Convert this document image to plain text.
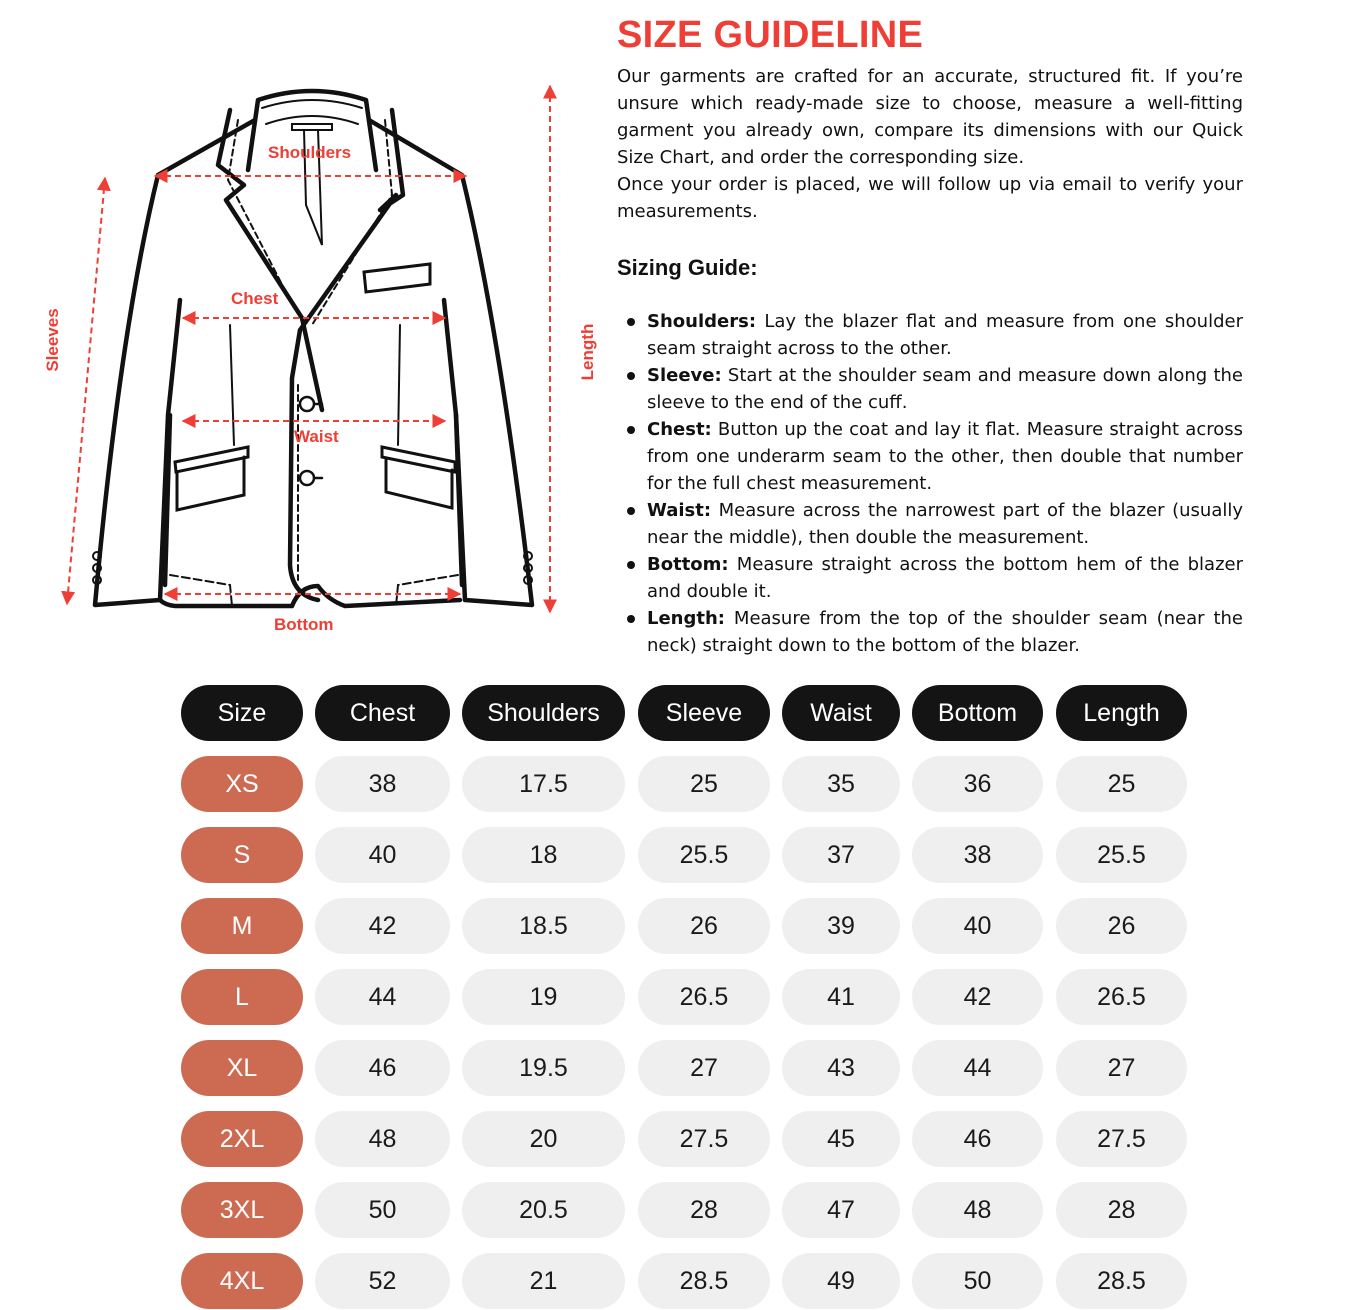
Shoulders
Chest
Waist
Bottom
Sleeves	Length
SIZE GUIDELINE

Our garments are crafted for an accurate, structured fit. If you’re unsure which ready-made size to choose, measure a well-fitting garment you already own, compare its dimensions with our Quick Size Chart, and order the corresponding size.

Once your order is placed, we will follow up via email to verify your measurements.

Sizing Guide:
Shoulders: Lay the blazer flat and measure from one shoulder seam straight across to the other.
Sleeve: Start at the shoulder seam and measure down along the sleeve to the end of the cuff.
Chest: Button up the coat and lay it flat. Measure straight across from one underarm seam to the other, then double that number for the full chest measurement.
Waist: Measure across the narrowest part of the blazer (usually near the middle), then double the measurement.
Bottom: Measure straight across the bottom hem of the blazer and double it.
Length: Measure from the top of the shoulder seam (near the neck) straight down to the bottom of the blazer.
Size	Chest	Shoulders	Sleeve	Waist	Bottom	Length
XS	38	17.5	25	35	36	25
S	40	18	25.5	37	38	25.5
M	42	18.5	26	39	40	26
L	44	19	26.5	41	42	26.5
XL	46	19.5	27	43	44	27
2XL	48	20	27.5	45	46	27.5
3XL	50	20.5	28	47	48	28
4XL	52	21	28.5	49	50	28.5
